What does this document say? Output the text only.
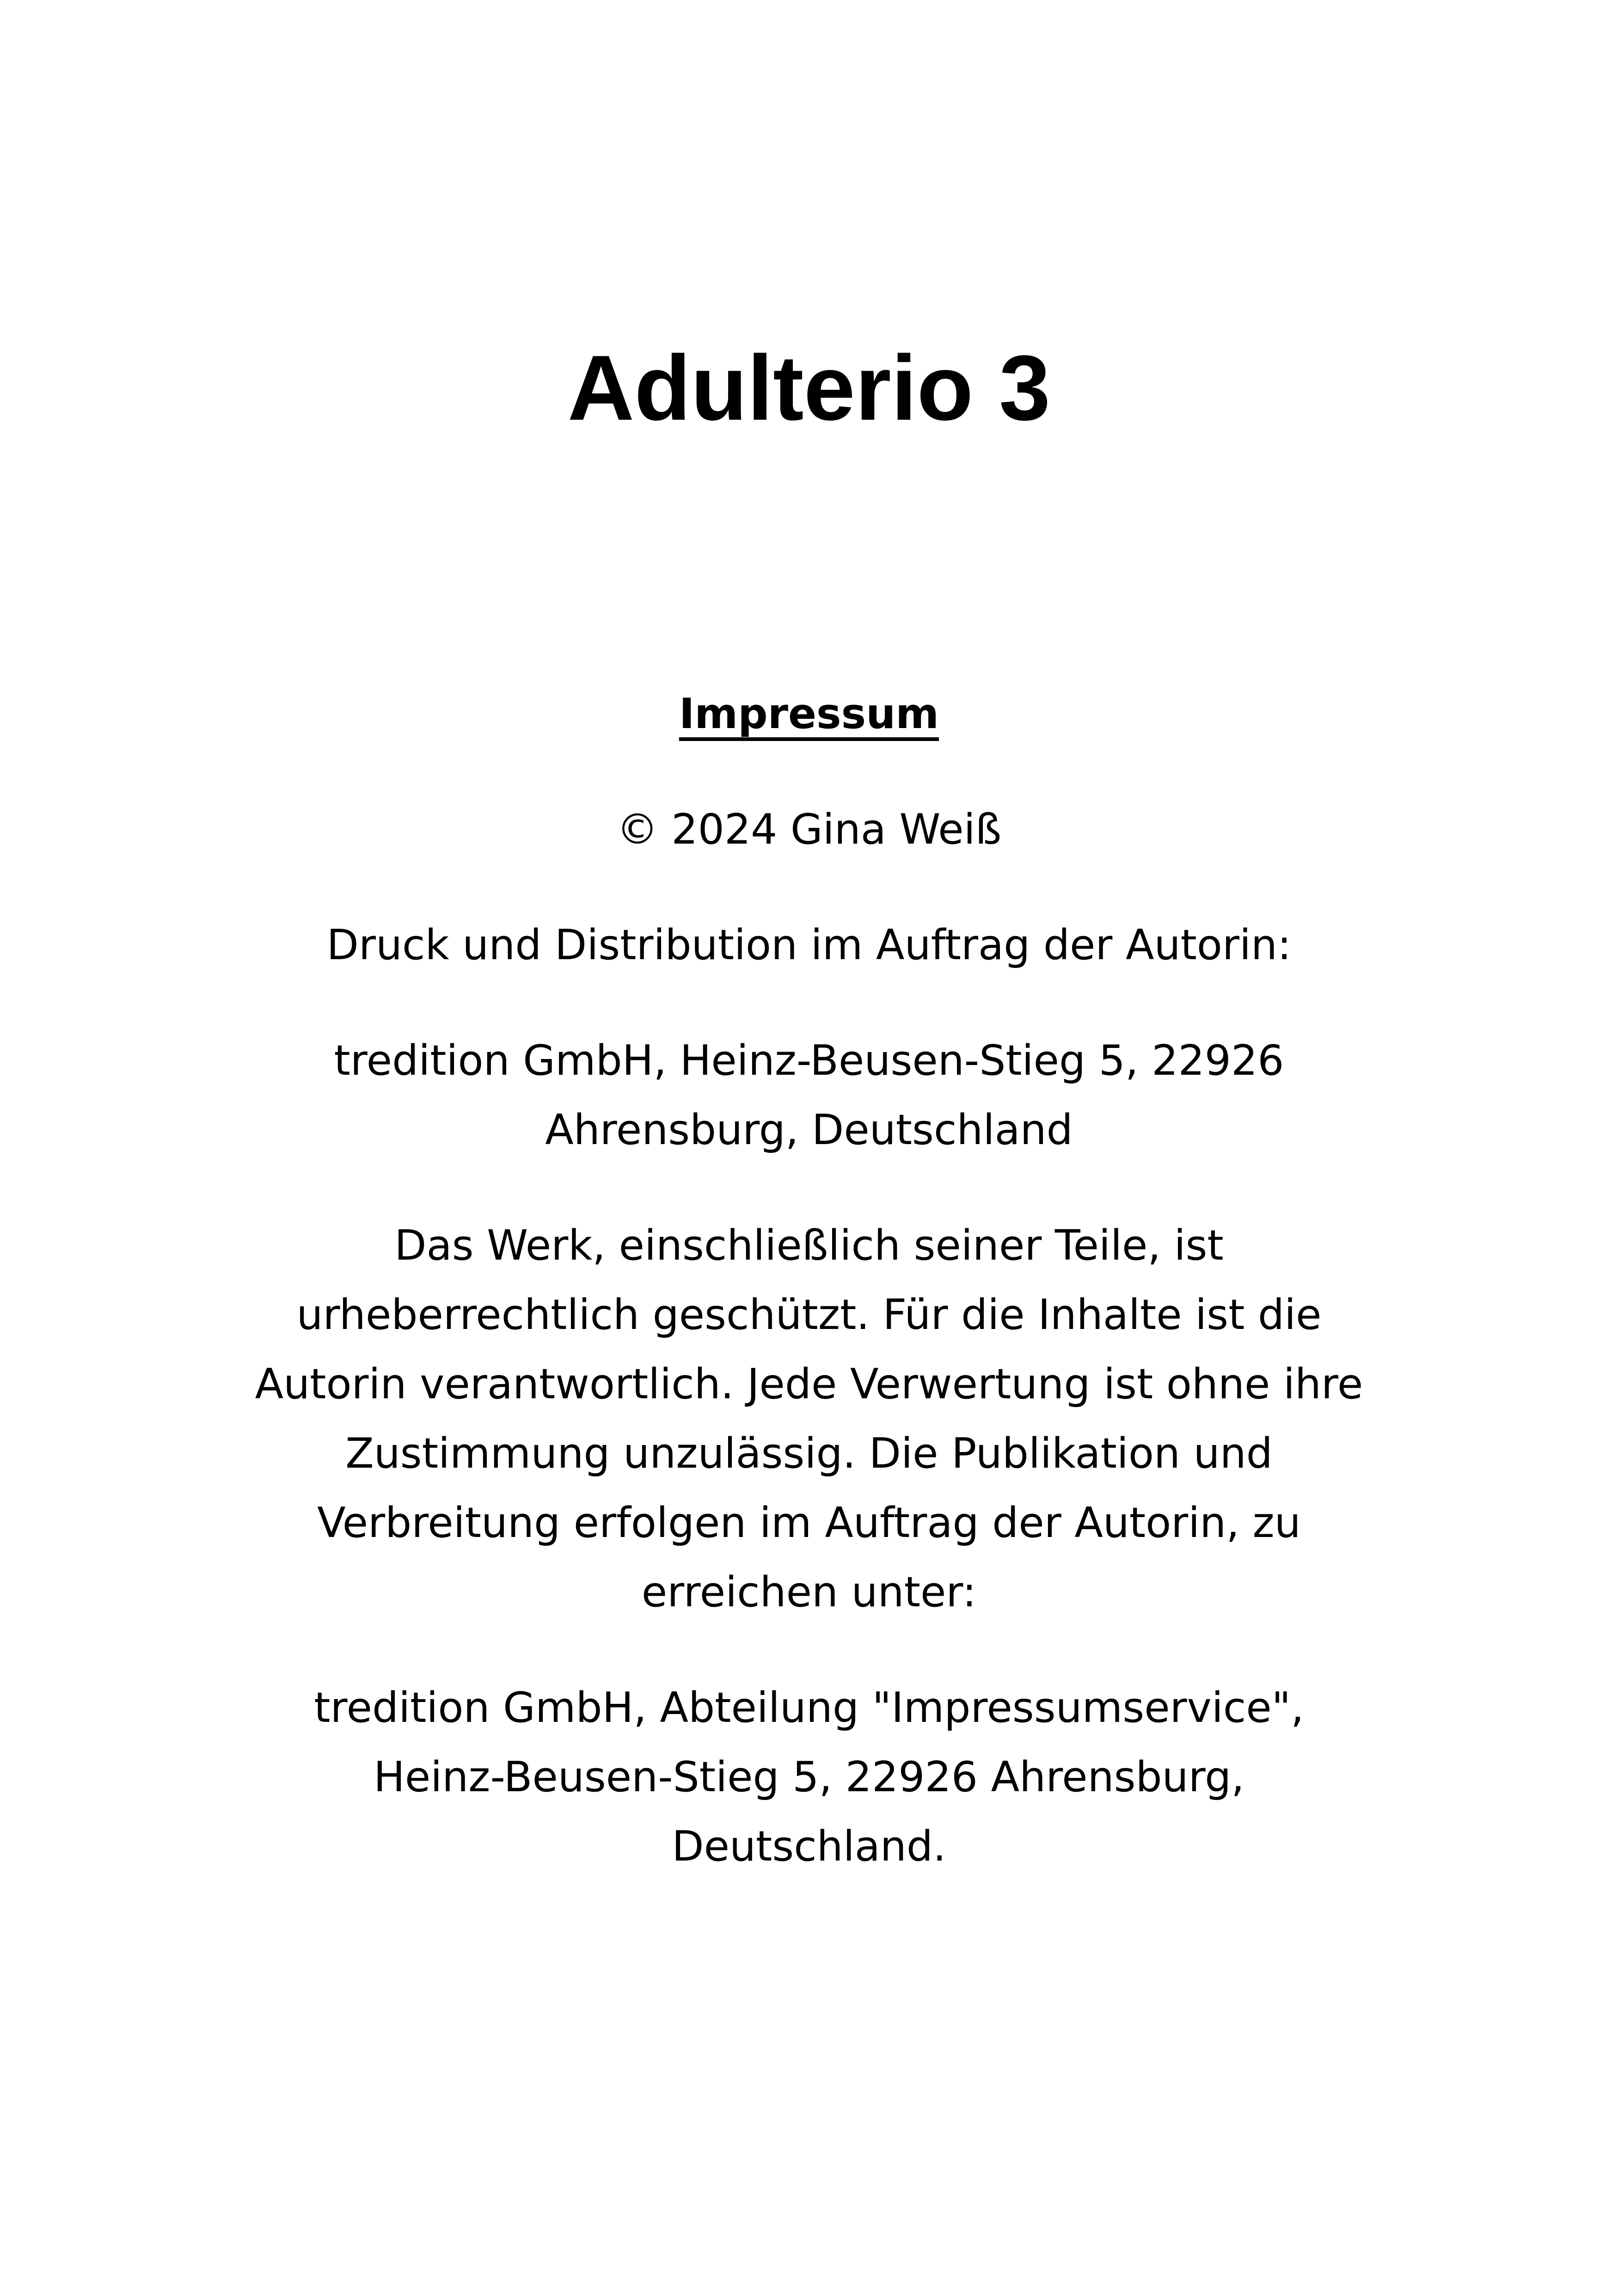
Adulterio 3
Impressum

© 2024 Gina Weiß

Druck und Distribution im Auftrag der Autorin:

tredition GmbH, Heinz-Beusen-Stieg 5, 22926 Ahrensburg, Deutschland

Das Werk, einschließlich seiner Teile, ist urheberrechtlich geschützt. Für die Inhalte ist die Autorin verantwortlich. Jede Verwertung ist ohne ihre Zustimmung unzulässig. Die Publikation und Verbreitung erfolgen im Auftrag der Autorin, zu erreichen unter:

tredition GmbH, Abteilung "Impressumservice", Heinz-Beusen-Stieg 5, 22926 Ahrensburg, Deutschland.
